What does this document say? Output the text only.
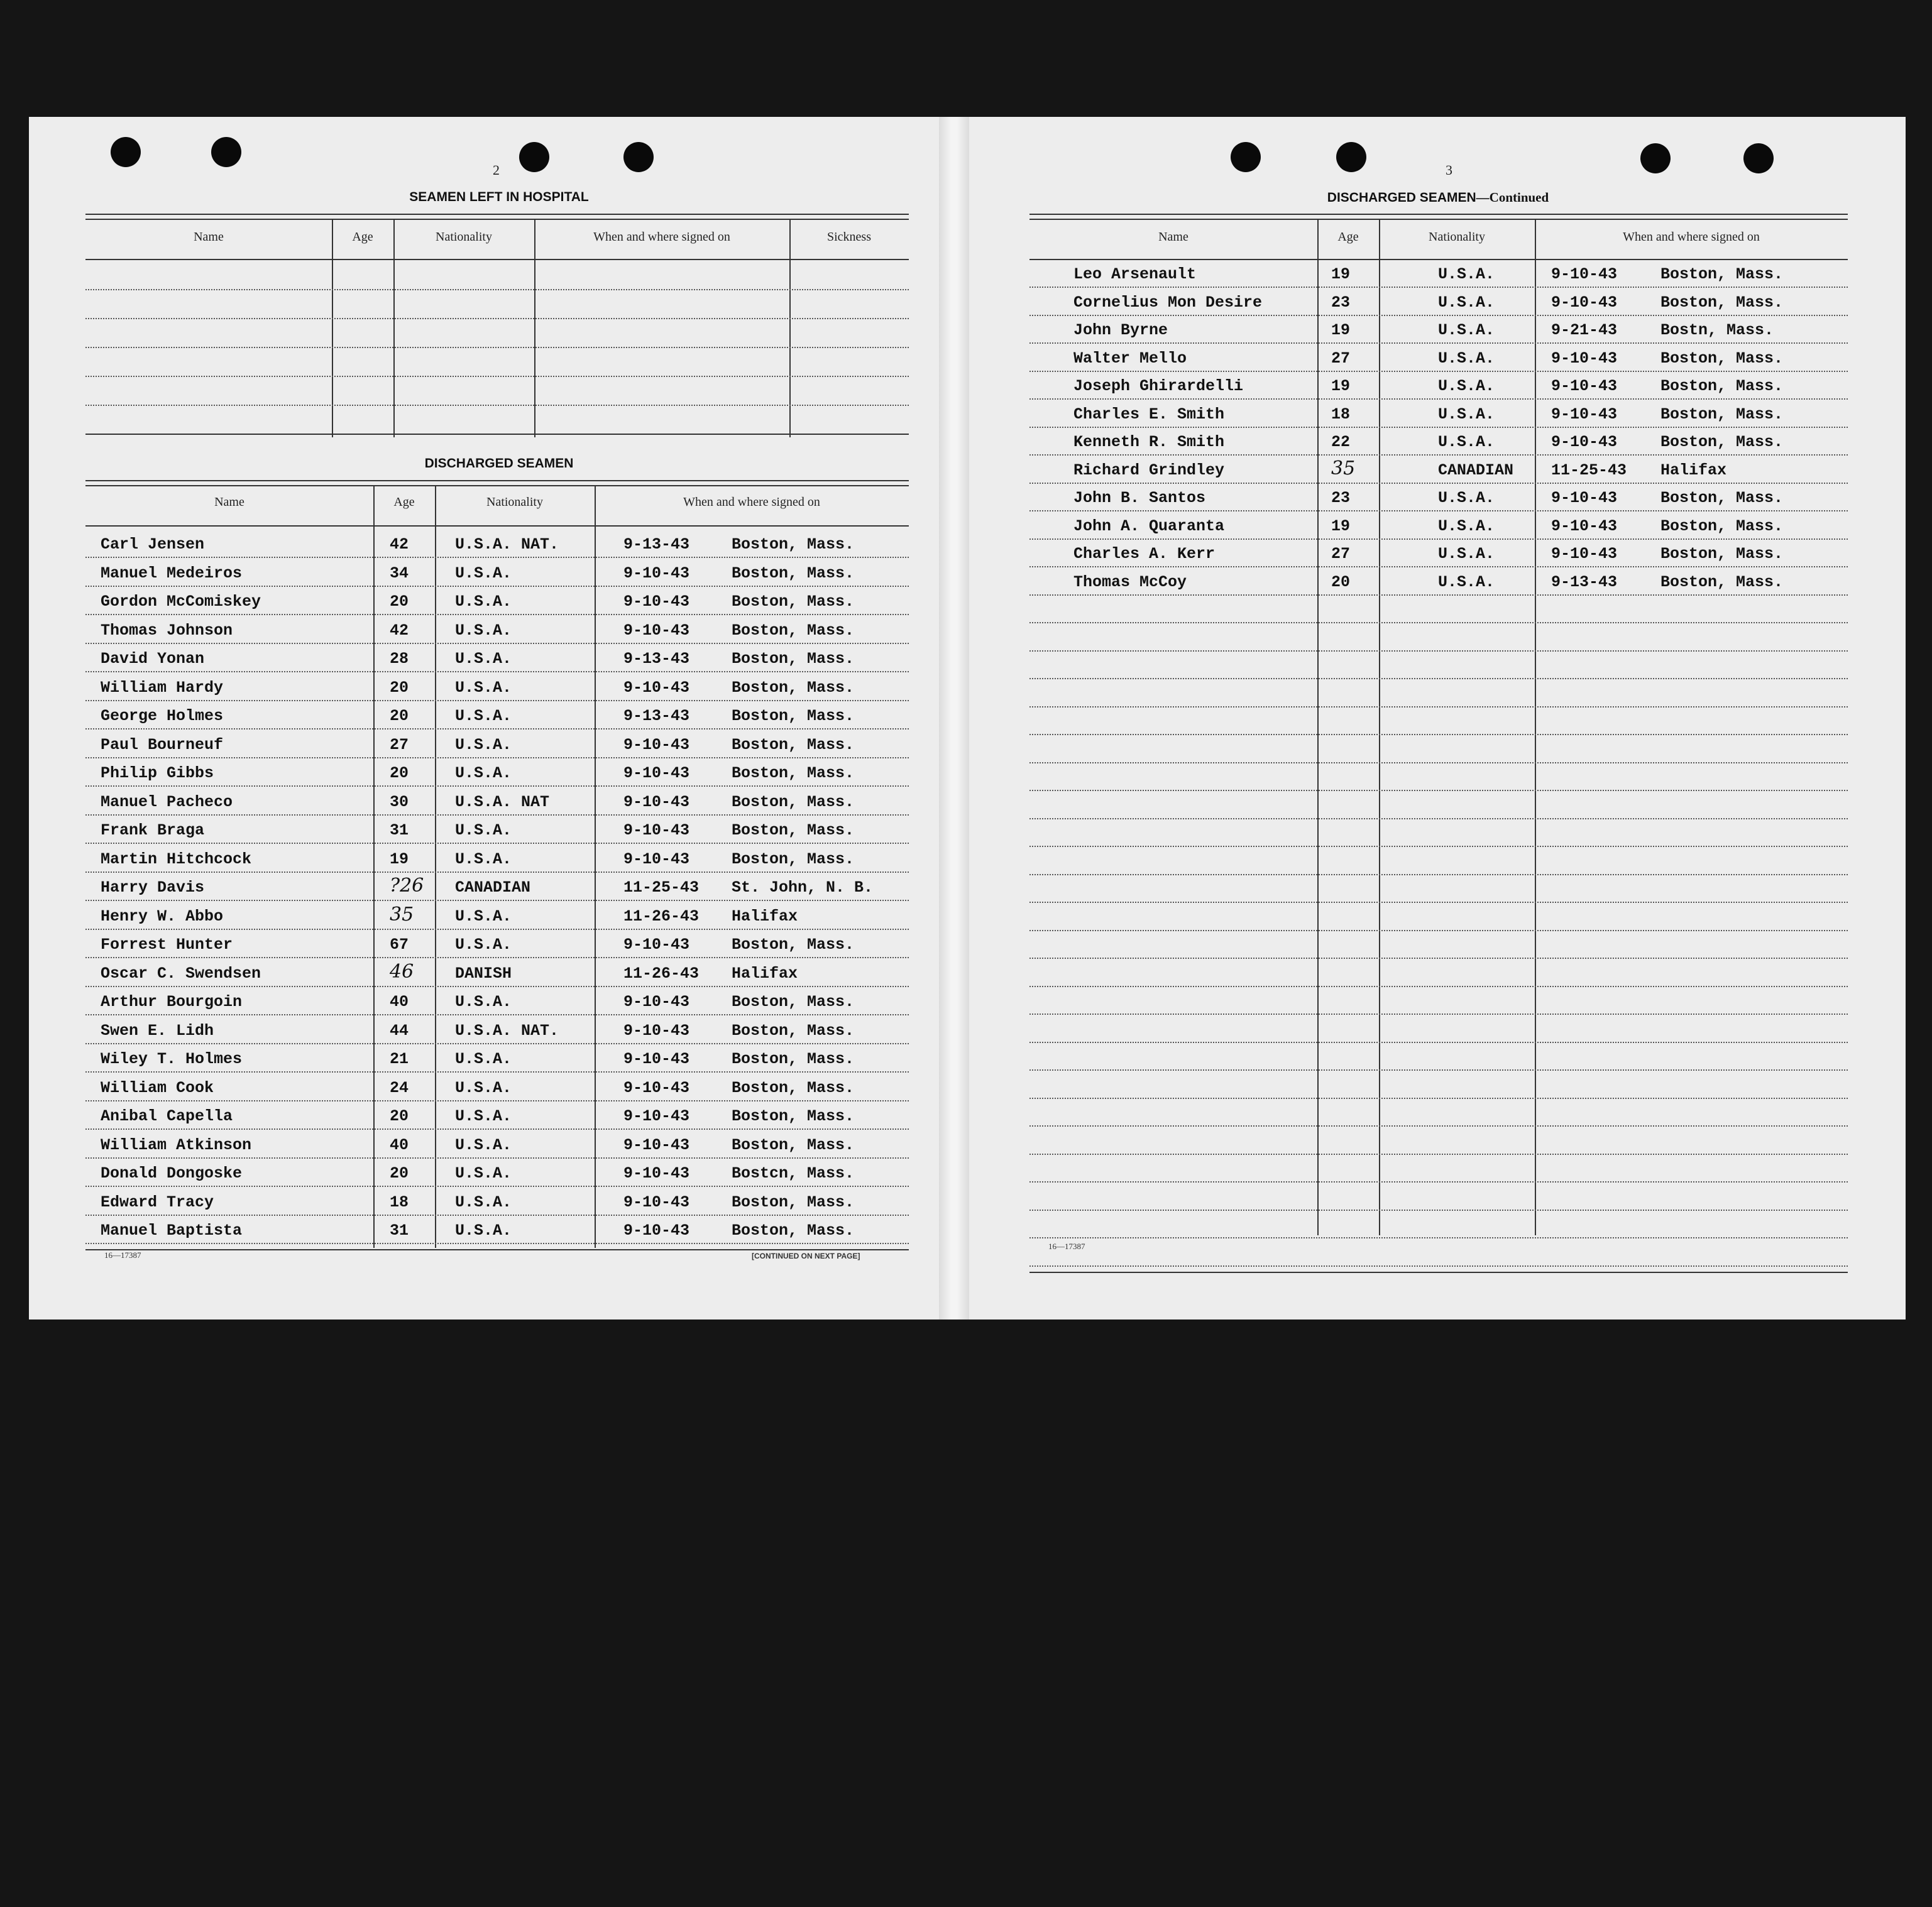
2
SEAMEN LEFT IN HOSPITAL
Name	Age	Nationality	When and where signed on	Sickness
DISCHARGED SEAMEN
Name	Age	Nationality	When and where signed on
Carl Jensen	42	U.S.A. NAT.	9-13-43	Boston, Mass.
Manuel Medeiros	34	U.S.A.	9-10-43	Boston, Mass.
Gordon McComiskey	20	U.S.A.	9-10-43	Boston, Mass.
Thomas Johnson	42	U.S.A.	9-10-43	Boston, Mass.
David Yonan	28	U.S.A.	9-13-43	Boston, Mass.
William Hardy	20	U.S.A.	9-10-43	Boston, Mass.
George Holmes	20	U.S.A.	9-13-43	Boston, Mass.
Paul Bourneuf	27	U.S.A.	9-10-43	Boston, Mass.
Philip Gibbs	20	U.S.A.	9-10-43	Boston, Mass.
Manuel Pacheco	30	U.S.A. NAT	9-10-43	Boston, Mass.
Frank Braga	31	U.S.A.	9-10-43	Boston, Mass.
Martin Hitchcock	19	U.S.A.	9-10-43	Boston, Mass.
Harry Davis	?26 CANADIAN	11-25-43 St. John, N. B.
Henry W. Abbo	35	U.S.A.	11-26-43 Halifax
Forrest Hunter	67	U.S.A.	9-10-43	Boston, Mass.
Oscar C. Swendsen	46	DANISH	11-26-43 Halifax
Arthur Bourgoin	40	U.S.A.	9-10-43	Boston, Mass.
Swen E. Lidh	44	U.S.A. NAT.	9-10-43	Boston, Mass.
Wiley T. Holmes	21	U.S.A.	9-10-43	Boston, Mass.
William Cook	24	U.S.A.	9-10-43	Boston, Mass.
Anibal Capella	20	U.S.A.	9-10-43	Boston, Mass.
William Atkinson	40	U.S.A.	9-10-43	Boston, Mass.
Donald Dongoske	20	U.S.A.	9-10-43	Bostcn, Mass.
Edward Tracy	18	U.S.A.	9-10-43	Boston, Mass.
Manuel Baptista	31	U.S.A.	9-10-43	Boston, Mass.
16—17387	[CONTINUED ON NEXT PAGE]
3
DISCHARGED SEAMEN—Continued
Name	Age	Nationality	When and where signed on
Leo Arsenault	19	U.S.A.	9-10-43	Boston, Mass.
Cornelius Mon Desire	23	U.S.A.	9-10-43	Boston, Mass.
John Byrne	19	U.S.A.	9-21-43	Bostn, Mass.
Walter Mello	27	U.S.A.	9-10-43	Boston, Mass.
Joseph Ghirardelli	19	U.S.A.	9-10-43	Boston, Mass.
Charles E. Smith	18	U.S.A.	9-10-43	Boston, Mass.
Kenneth R. Smith	22	U.S.A.	9-10-43	Boston, Mass.
Richard Grindley	35	CANADIAN 11-25-43 Halifax
John B. Santos	23	U.S.A.	9-10-43	Boston, Mass.
John A. Quaranta	19	U.S.A.	9-10-43	Boston, Mass.
Charles A. Kerr	27	U.S.A.	9-10-43	Boston, Mass.
Thomas McCoy	20	U.S.A.	9-13-43	Boston, Mass.
16—17387
